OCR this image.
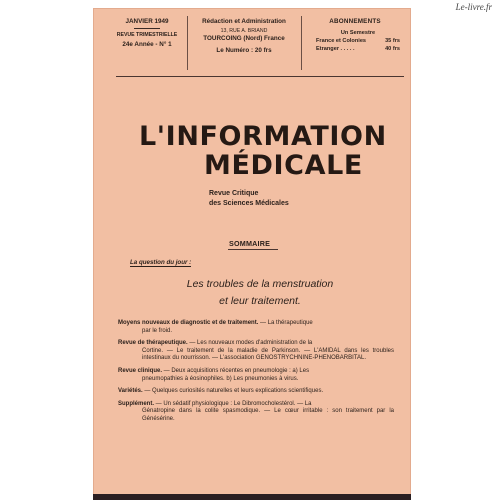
Le-livre.fr
JANVIER 1949
REVUE TRIMESTRIELLE
24e Année - N° 1
Rédaction et Administration
13, RUE A. BRIAND
TOURCOING (Nord) France
Le Numéro : 20 frs
ABONNEMENTS
Un Semestre
France et Colonies	35 frs
Etranger . . . . .	40 frs
L'INFORMATION
MÉDICALE
Revue Critique
des Sciences Médicales
SOMMAIRE
La question du jour :
Les troubles de la menstruation
et leur traitement.
Moyens nouveaux de diagnostic et de traitement. — La thérapeutique
par le froid.
Revue de thérapeutique. — Les nouveaux modes d'administration de la
Cortine. — Le traitement de la maladie de Parkinson. — L'AMIDAL dans les troubles intestinaux du nourrisson. — L'association GENOSTRYCHNINE-PHENOBARBITAL.
Revue clinique. — Deux acquisitions récentes en pneumologie : a) Les
pneumopathies à éosinophiles. b) Les pneumonies à virus.
Variétés. — Quelques curiosités naturelles et leurs explications scientifiques.
Supplément. — Un sédatif physiologique : Le Dibromocholestérol. — La
Génatropine dans la colite spasmodique. — Le cœur irritable : son traitement par la Génésérine.
